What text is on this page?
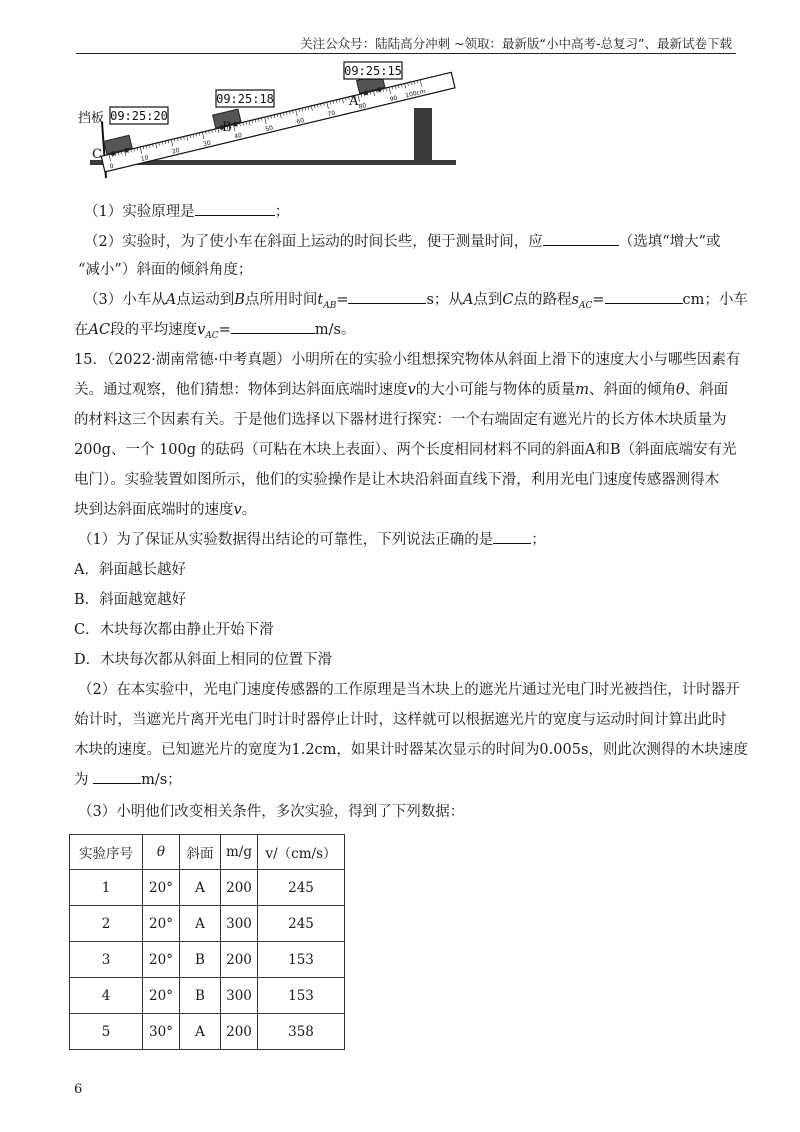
关注公众号：陆陆高分冲刺 ~领取：最新版“小中高考-总复习”、最新试卷下载
挡板
0
10
20
30
40
50
60
70
80
90 100cm
C
B
A
09:25:20
09:25:18
09:25:15
（1）实验原理是	；
（2）实验时，为了使小车在斜面上运动的时间长些，便于测量时间，应	（选填“增大”或
“减小”）斜面的倾斜角度；
（3）小车从A点运动到B点所用时间$t_{AB}=$	s；从A点到C点的路程$s_{AC}=$	cm；小车
在AC段的平均速度$v_{AC}=$	m/s。
15．（2022·湖南常德·中考真题）小明所在的实验小组想探究物体从斜面上滑下的速度大小与哪些因素有
关。通过观察，他们猜想：物体到达斜面底端时速度v的大小可能与物体的质量m、斜面的倾角θ、斜面
的材料这三个因素有关。于是他们选择以下器材进行探究：一个右端固定有遮光片的长方体木块质量为
200g、一个 100g 的砝码（可粘在木块上表面）、两个长度相同材料不同的斜面A和B（斜面底端安有光
电门）。实验装置如图所示，他们的实验操作是让木块沿斜面直线下滑，利用光电门速度传感器测得木
块到达斜面底端时的速度v。
（1）为了保证从实验数据得出结论的可靠性，下列说法正确的是	；
A．斜面越长越好
B．斜面越宽越好
C．木块每次都由静止开始下滑
D．木块每次都从斜面上相同的位置下滑
（2）在本实验中，光电门速度传感器的工作原理是当木块上的遮光片通过光电门时光被挡住，计时器开
始计时，当遮光片离开光电门时计时器停止计时，这样就可以根据遮光片的宽度与运动时间计算出此时
木块的速度。已知遮光片的宽度为1.2cm，如果计时器某次显示的时间为0.005s，则此次测得的木块速度
为	m/s；
（3）小明他们改变相关条件，多次实验，得到了下列数据：
实验序号	θ	斜面	m/g	v/（cm/s）
1	20°	A	200	245
2	20°	A	300	245
3	20°	B	200	153
4	20°	B	300	153
5	30°	A	200	358
6
